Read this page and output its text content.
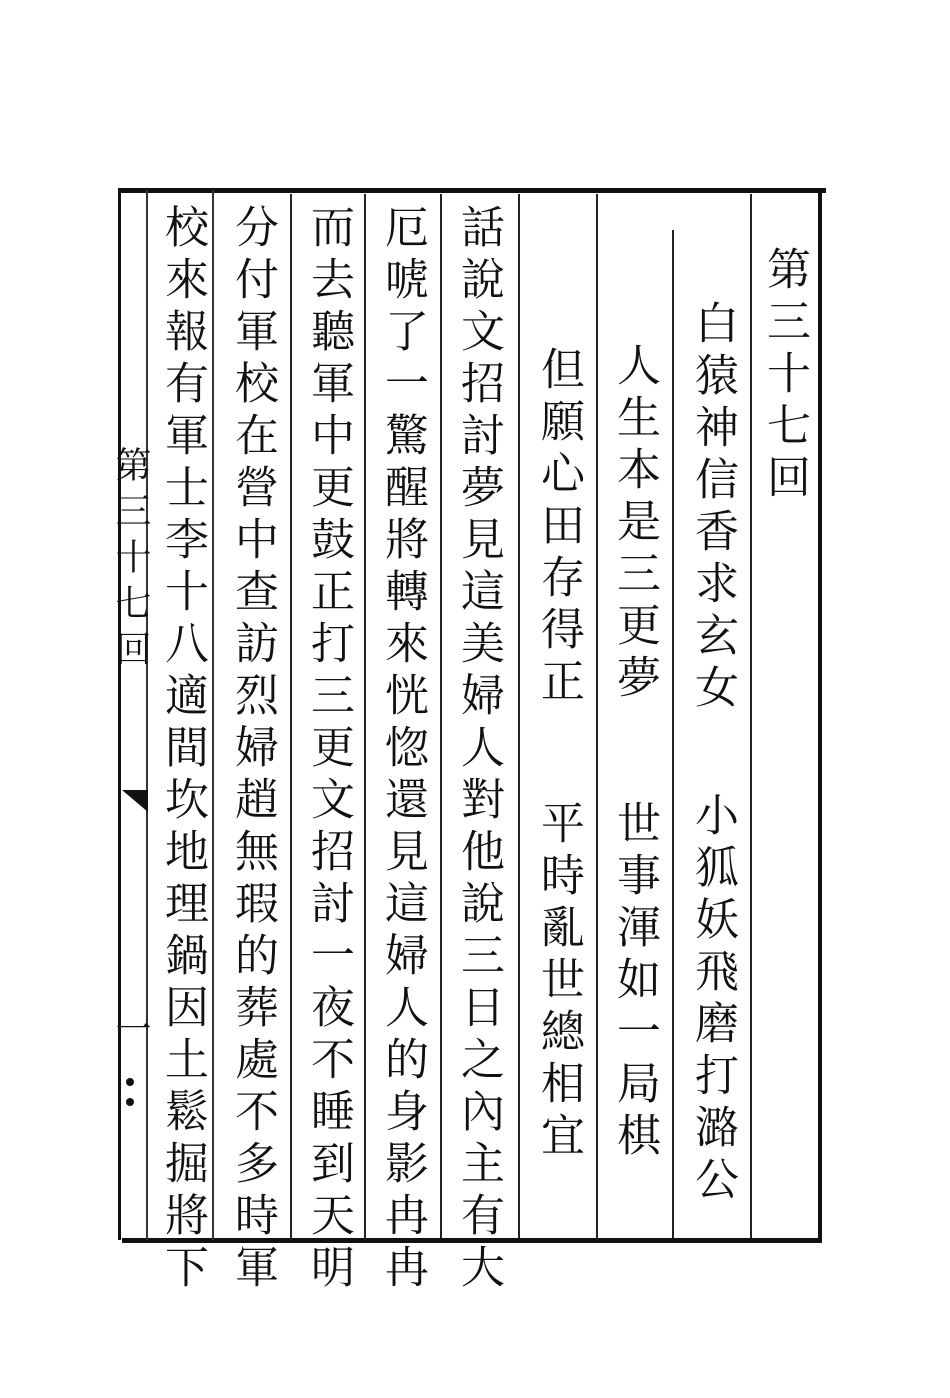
第三十七回
白猿神信香求玄女
小狐妖飛磨打潞公
人生本是三更夢
世事渾如一局棋
但願心田存得正
平時亂世總相宜
話說文招討夢見這美婦人對他說三日之內主有大
厄唬了一驚醒將轉來恍惚還見這婦人的身影冉冉
而去聽軍中更鼓正打三更文招討一夜不睡到天明
分付軍校在營中查訪烈婦趙無瑕的葬處不多時軍
校來報有軍士李十八適間坎地理鍋因土鬆掘將下
第三十七回
一
